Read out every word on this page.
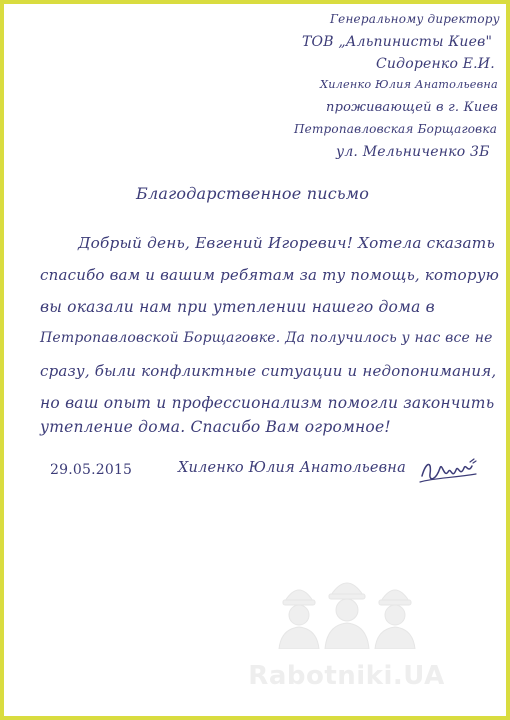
Генеральному директору
ТОВ „Альпинисты Киев"
Сидоренко Е.И.
Хиленко Юлия Анатольевна
проживающей в г. Киев
Петропавловская Борщаговка
ул. Мельниченко 3Б
Благодарственное письмо
Добрый день, Евгений Игоревич! Хотела сказать
спасибо вам и вашим ребятам за ту помощь, которую
вы оказали нам при утеплении нашего дома в
Петропавловской Борщаговке. Да получилось у нас все не
сразу, были конфликтные ситуации и недопонимания,
но ваш опыт и профессионализм помогли закончить
утепление дома. Спасибо Вам огромное!
29.05.2015	Хиленко Юлия Анатольевна
Rabotniki.UA
